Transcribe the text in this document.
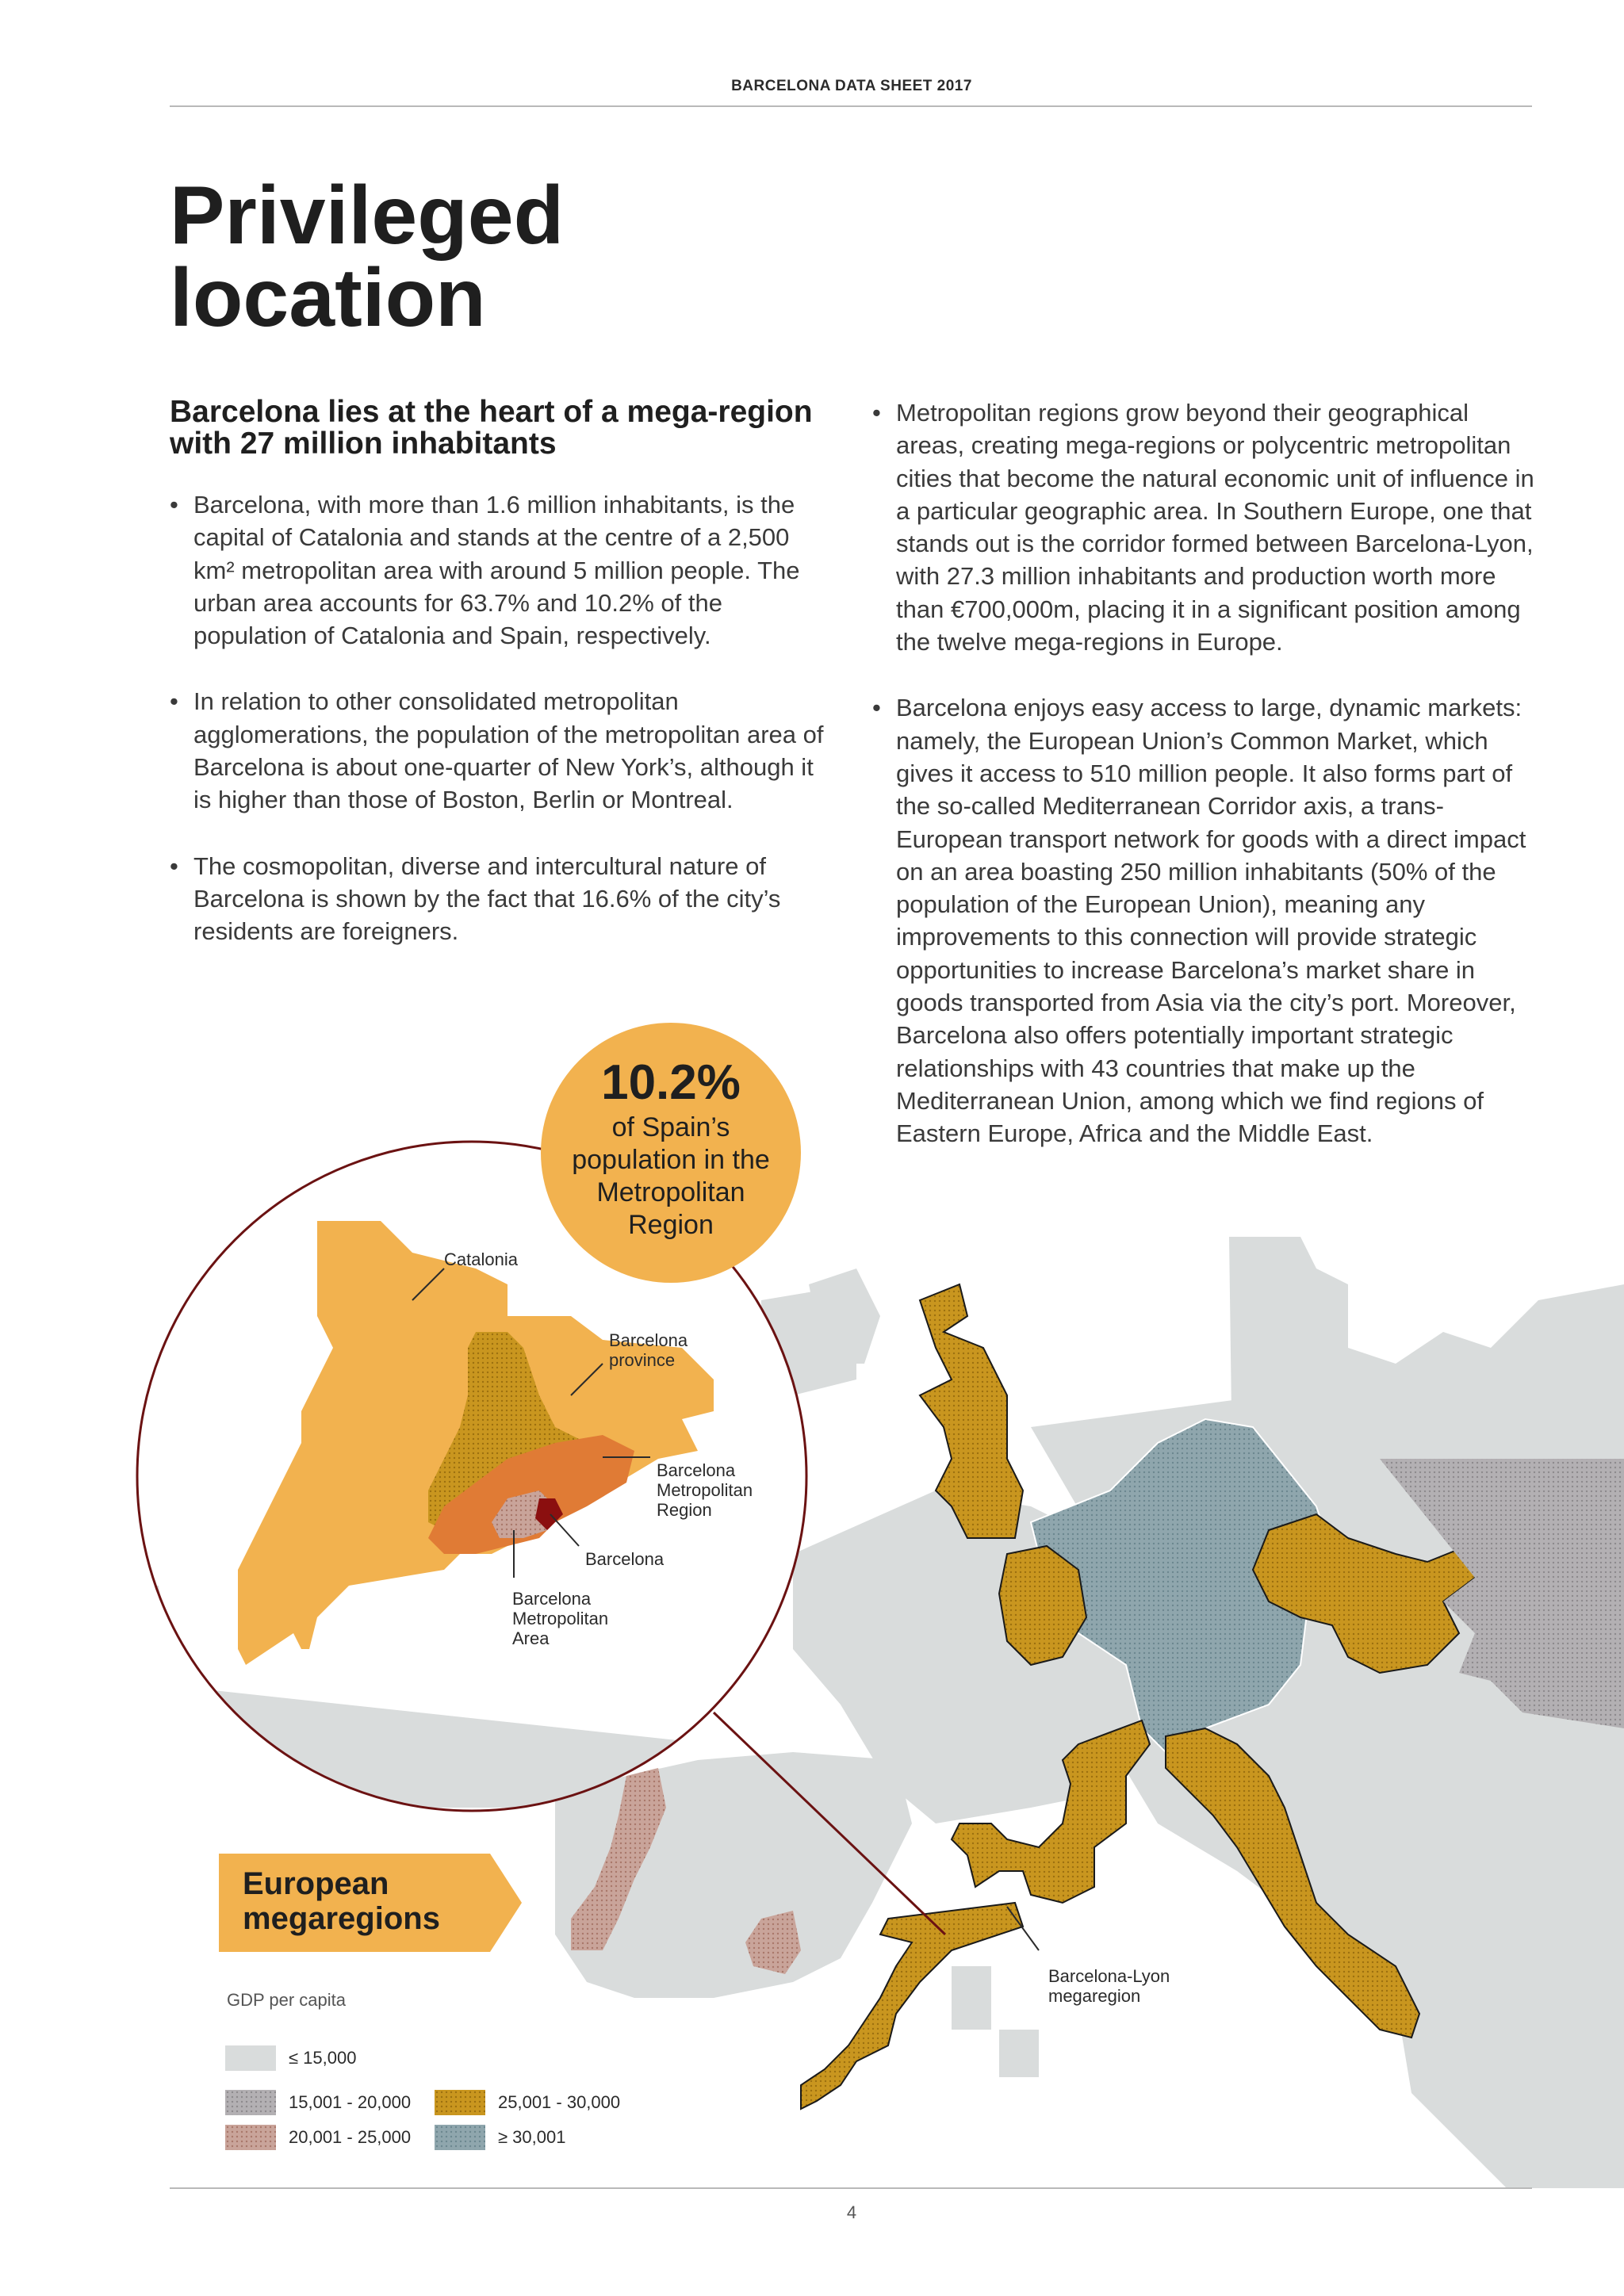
BARCELONA DATA SHEET 2017
Privileged
location
Barcelona lies at the heart of a mega-region with 27 million inhabitants
• Barcelona, with more than 1.6 million inhabitants, is the capital of Catalonia and stands at the centre of a 2,500 km² metropolitan area with around 5 million people. The urban area accounts for 63.7% and 10.2% of the population of Catalonia and Spain, respectively.
• In relation to other consolidated metropolitan agglomerations, the population of the metropolitan area of Barcelona is about one-quarter of New York’s, although it is higher than those of Boston, Berlin or Montreal.
• The cosmopolitan, diverse and intercultural nature of Barcelona is shown by the fact that 16.6% of the city’s residents are foreigners.
• Metropolitan regions grow beyond their geographical areas, creating mega-regions or polycentric metropolitan cities that become the natural economic unit of influence in a particular geographic area. In Southern Europe, one that stands out is the corridor formed between Barcelona-Lyon, with 27.3 million inhabitants and production worth more than €700,000m, placing it in a significant position among the twelve mega-regions in Europe.
• Barcelona enjoys easy access to large, dynamic markets: namely, the European Union’s Common Market, which gives it access to 510 million people. It also forms part of the so-called Mediterranean Corridor axis, a trans-European transport network for goods with a direct impact on an area boasting 250 million inhabitants (50% of the population of the European Union), meaning any improvements to this connection will provide strategic opportunities to increase Barcelona’s market share in goods transported from Asia via the city’s port. Moreover, Barcelona also offers potentially important strategic relationships with 43 countries that make up the Mediterranean Union, among which we find regions of Eastern Europe, Africa and the Middle East.
10.2%
of Spain’s
population in the
Metropolitan
Region
Catalonia
Barcelona
province
Barcelona
Metropolitan
Region
Barcelona
Barcelona
Metropolitan
Area
Barcelona-Lyon
megaregion
European
megaregions
GDP per capita
≤ 15,000
15,001 - 20,000
20,001 - 25,000
25,001 - 30,000
≥ 30,001
4
